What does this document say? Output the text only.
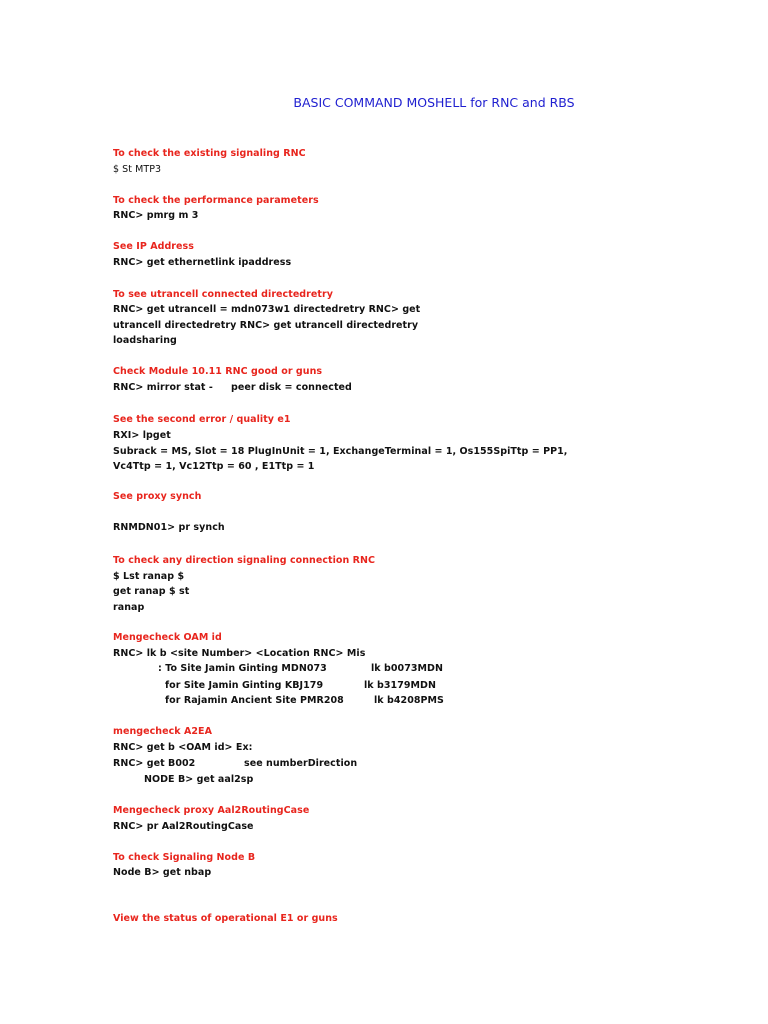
BASIC COMMAND MOSHELL for RNC and RBS
To check the existing signaling RNC
$ St MTP3
To check the performance parameters
RNC> pmrg m 3
See IP Address
RNC> get ethernetlink ipaddress
To see utrancell connected directedretry
RNC> get utrancell = mdn073w1 directedretry RNC> get
utrancell directedretry RNC> get utrancell directedretry
loadsharing
Check Module 10.11 RNC good or guns
RNC> mirror stat - peer disk = connected
See the second error / quality e1
RXI> lpget
Subrack = MS, Slot = 18 PlugInUnit = 1, ExchangeTerminal = 1, Os155SpiTtp = PP1,
Vc4Ttp = 1, Vc12Ttp = 60 , E1Ttp = 1
See proxy synch
RNMDN01> pr synch
To check any direction signaling connection RNC
$ Lst ranap $
get ranap $ st
ranap
Mengecheck OAM id
RNC> lk b <site Number> <Location RNC> Mis
: To Site Jamin Ginting MDN073	lk b0073MDN
for Site Jamin Ginting KBJ179	lk b3179MDN
for Rajamin Ancient Site PMR208	lk b4208PMS
mengecheck A2EA
RNC> get b <OAM id> Ex:
RNC> get B002	see numberDirection
NODE B> get aal2sp
Mengecheck proxy Aal2RoutingCase
RNC> pr Aal2RoutingCase
To check Signaling Node B
Node B> get nbap
View the status of operational E1 or guns
